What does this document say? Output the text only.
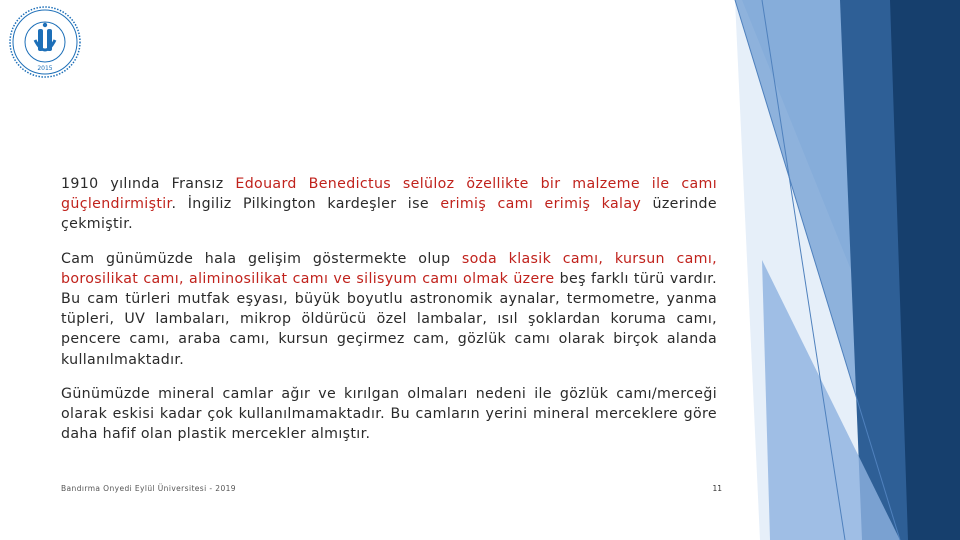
2015

1910 yılında Fransız Edouard Benedictus selüloz özellikte bir malzeme ile camı güçlendirmiştir. İngiliz Pilkington kardeşler ise erimiş camı erimiş kalay üzerinde çekmiştir.

Cam günümüzde hala gelişim göstermekte olup soda klasik camı, kursun camı, borosilikat camı, aliminosilikat camı ve silisyum camı olmak üzere beş farklı türü vardır. Bu cam türleri mutfak eşyası, büyük boyutlu astronomik aynalar, termometre, yanma tüpleri, UV lambaları, mikrop öldürücü özel lambalar, ısıl şoklardan koruma camı, pencere camı, araba camı, kursun geçirmez cam, gözlük camı olarak birçok alanda kullanılmaktadır.

Günümüzde mineral camlar ağır ve kırılgan olmaları nedeni ile gözlük camı/merceği olarak eskisi kadar çok kullanılmamaktadır. Bu camların yerini mineral merceklere göre daha hafif olan plastik mercekler almıştır.

Bandırma Onyedi Eylül Üniversitesi - 2019	11
